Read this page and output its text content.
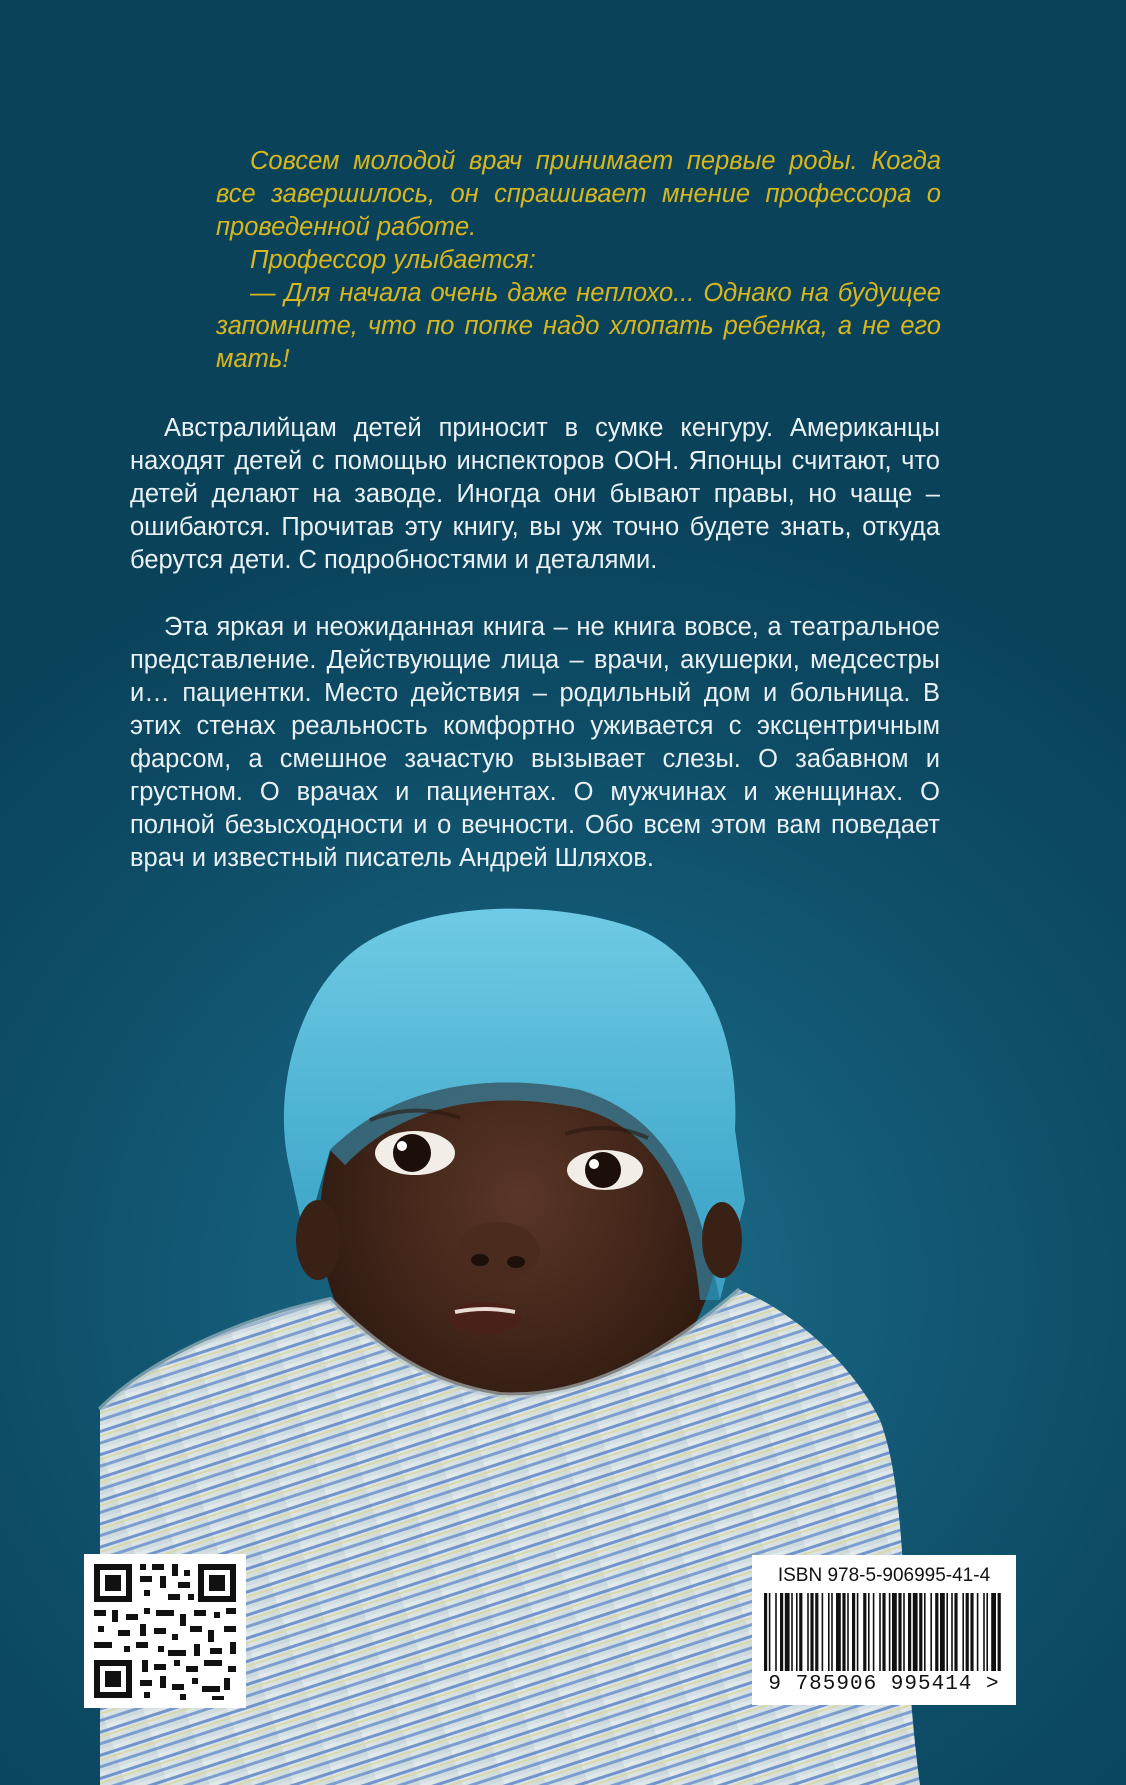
Совсем молодой врач принимает первые роды. Когда все завершилось, он спрашивает мнение профессора о проведенной работе.

Профессор улыбается:

— Для начала очень даже неплохо... Однако на будущее запомните, что по попке надо хлопать ребенка, а не его мать!

Австралийцам детей приносит в сумке кенгуру. Американцы находят детей с помощью инспекторов ООН. Японцы считают, что детей делают на заводе. Иногда они бывают правы, но чаще – ошибаются. Прочитав эту книгу, вы уж точно будете знать, откуда берутся дети. С подробностями и деталями.

Эта яркая и неожиданная книга – не книга вовсе, а театральное представление. Действующие лица – врачи, акушерки, медсестры и… пациентки. Место действия – родильный дом и больница. В этих стенах реальность комфортно уживается с эксцентричным фарсом, а смешное зачастую вызывает слезы. О забавном и грустном. О врачах и пациентах. О мужчинах и женщинах. О полной безысходности и о вечности. Обо всем этом вам поведает врач и известный писатель Андрей Шляхов.

ISBN 978-5-906995-41-4
9 785906 995414 >
